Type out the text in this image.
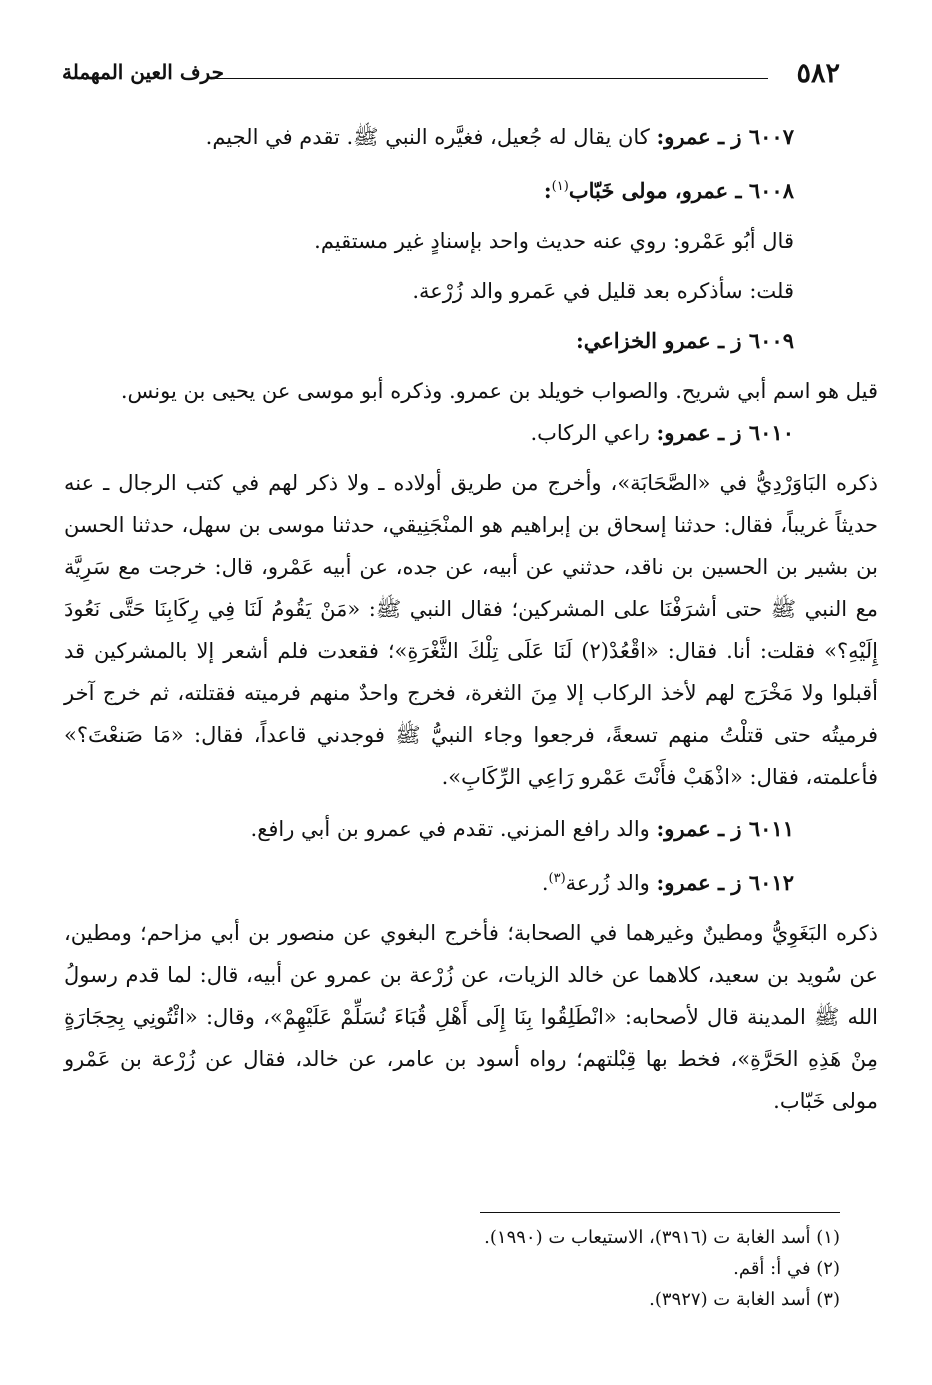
٥٨٢
حرف العين المهملة

٦٠٠٧ ز ـ عمرو: كان يقال له جُعيل، فغيَّره النبي ﷺ. تقدم في الجيم.

٦٠٠٨ ـ عمرو، مولى خَبّاب$^{(١)}$:

قال أبُو عَمْرو: روي عنه حديث واحد بإسنادٍ غير مستقيم.

قلت: سأذكره بعد قليل في عَمرو والد زُرْعة.

٦٠٠٩ ز ـ عمرو الخزاعي:

قيل هو اسم أبي شريح. والصواب خويلد بن عمرو. وذكره أبو موسى عن يحيى بن يونس.

٦٠١٠ ز ـ عمرو: راعي الركاب.

ذكره البَاوَرْدِيُّ في «الصَّحَابَة»، وأخرج من طريق أولاده ـ ولا ذكر لهم في كتب الرجال ـ عنه حديثاً غريباً، فقال: حدثنا إسحاق بن إبراهيم هو المنْجَنِيقي، حدثنا موسى بن سهل، حدثنا الحسن بن بشير بن الحسين بن ناقد، حدثني عن أبيه، عن جده، عن أبيه عَمْرو، قال: خرجت مع سَرِيَّة مع النبي ﷺ حتى أشرَفْنَا على المشركين؛ فقال النبي ﷺ: «مَنْ يَقُومُ لَنَا فِي رِكَابِنَا حَتَّى نَعُودَ إِلَيْهِ؟» فقلت: أنا. فقال: «اقْعُدْ(٢) لَنَا عَلَى تِلْكَ الثَّغْرَةِ»؛ فقعدت فلم أشعر إلا بالمشركين قد أقبلوا ولا مَخْرَج لهم لأخذ الركاب إلا مِنَ الثغرة، فخرج واحدٌ منهم فرميته فقتلته، ثم خرج آخر فرميتُه حتى قتلْتُ منهم تسعةً، فرجعوا وجاء النبيُّ ﷺ فوجدني قاعداً، فقال: «مَا صَنعْتَ؟» فأعلمته، فقال: «اذْهَبْ فأَنْتَ عَمْرو رَاعِي الرِّكَابِ».

٦٠١١ ز ـ عمرو: والد رافع المزني. تقدم في عمرو بن أبي رافع.

٦٠١٢ ز ـ عمرو: والد زُرعة$^{(٣)}$.

ذكره البَغَوِيُّ ومطينٌ وغيرهما في الصحابة؛ فأخرج البغوي عن منصور بن أبي مزاحم؛ ومطين، عن سُويد بن سعيد، كلاهما عن خالد الزيات، عن زُرْعة بن عمرو عن أبيه، قال: لما قدم رسولُ الله ﷺ المدينة قال لأصحابه: «انْطَلِقُوا بِنَا إِلَى أَهْلِ قُبَاءَ نُسَلِّمْ عَلَيْهِمْ»، وقال: «ائْتُونِي بِحِجَارَةٍ مِنْ هَذِهِ الحَرَّةِ»، فخط بها قِبْلتهم؛ رواه أسود بن عامر، عن خالد، فقال عن زُرْعة بن عَمْرو مولى خَبّاب.

(١) أسد الغابة ت (٣٩١٦)، الاستيعاب ت (١٩٩٠).

(٢) في أ: أقم.

(٣) أسد الغابة ت (٣٩٢٧).
